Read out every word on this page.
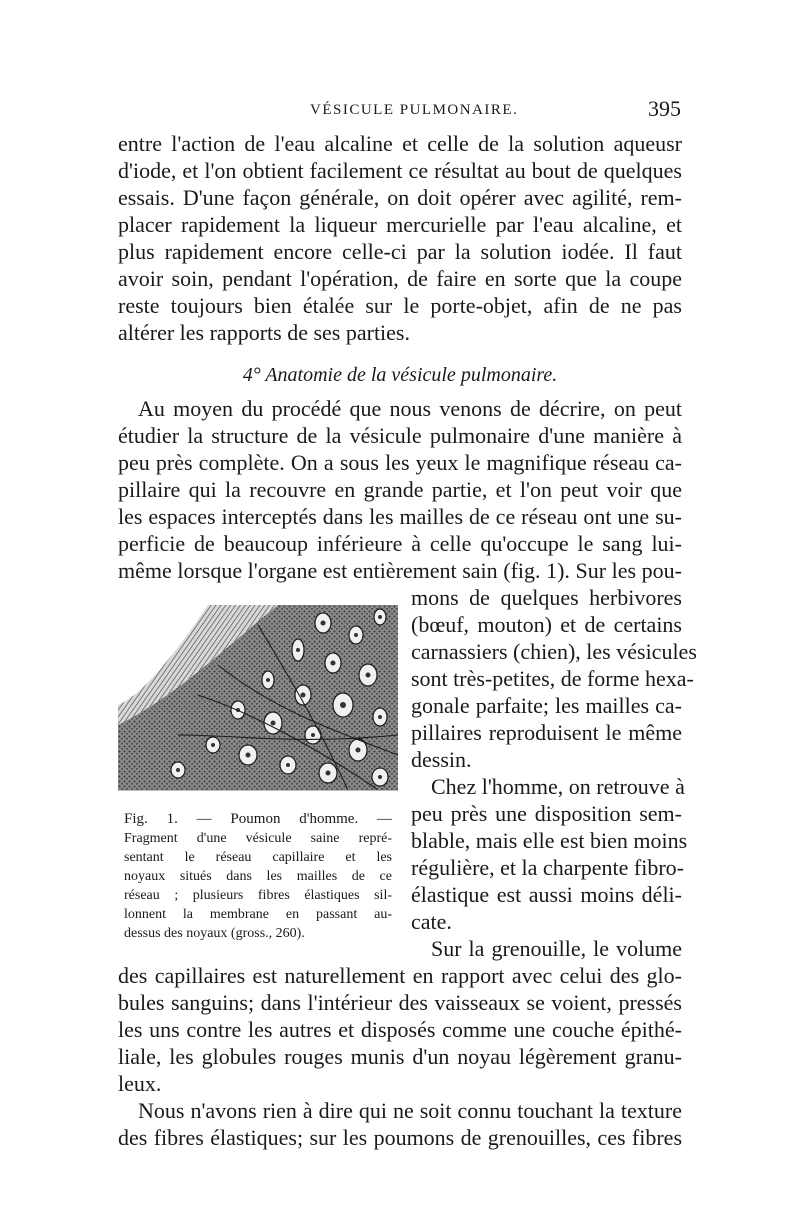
VÉSICULE PULMONAIRE.	395
entre l'action de l'eau alcaline et celle de la solution aqueusr
d'iode, et l'on obtient facilement ce résultat au bout de quelques
essais. D'une façon générale, on doit opérer avec agilité, rem-
placer rapidement la liqueur mercurielle par l'eau alcaline, et
plus rapidement encore celle-ci par la solution iodée. Il faut
avoir soin, pendant l'opération, de faire en sorte que la coupe
reste toujours bien étalée sur le porte-objet, afin de ne pas
altérer les rapports de ses parties.
4° Anatomie de la vésicule pulmonaire.
Au moyen du procédé que nous venons de décrire, on peut
étudier la structure de la vésicule pulmonaire d'une manière à
peu près complète. On a sous les yeux le magnifique réseau ca-
pillaire qui la recouvre en grande partie, et l'on peut voir que
les espaces interceptés dans les mailles de ce réseau ont une su-
perficie de beaucoup inférieure à celle qu'occupe le sang lui-
même lorsque l'organe est entièrement sain (fig. 1). Sur les pou-
mons de quelques herbivores
(bœuf, mouton) et de certains
carnassiers (chien), les vésicules
sont très-petites, de forme hexa-
gonale parfaite; les mailles ca-
pillaires reproduisent le même
dessin.
Chez l'homme, on retrouve à
peu près une disposition sem-
blable, mais elle est bien moins
régulière, et la charpente fibro-
élastique est aussi moins déli-
cate.
Sur la grenouille, le volume
Fig. 1. — Poumon d'homme. —
Fragment d'une vésicule saine repré-
sentant le réseau capillaire et les
noyaux situés dans les mailles de ce
réseau ; plusieurs fibres élastiques sil-
lonnent la membrane en passant au-
dessus des noyaux (gross., 260).
des capillaires est naturellement en rapport avec celui des glo-
bules sanguins; dans l'intérieur des vaisseaux se voient, pressés
les uns contre les autres et disposés comme une couche épithé-
liale, les globules rouges munis d'un noyau légèrement granu-
leux.
Nous n'avons rien à dire qui ne soit connu touchant la texture
des fibres élastiques; sur les poumons de grenouilles, ces fibres
